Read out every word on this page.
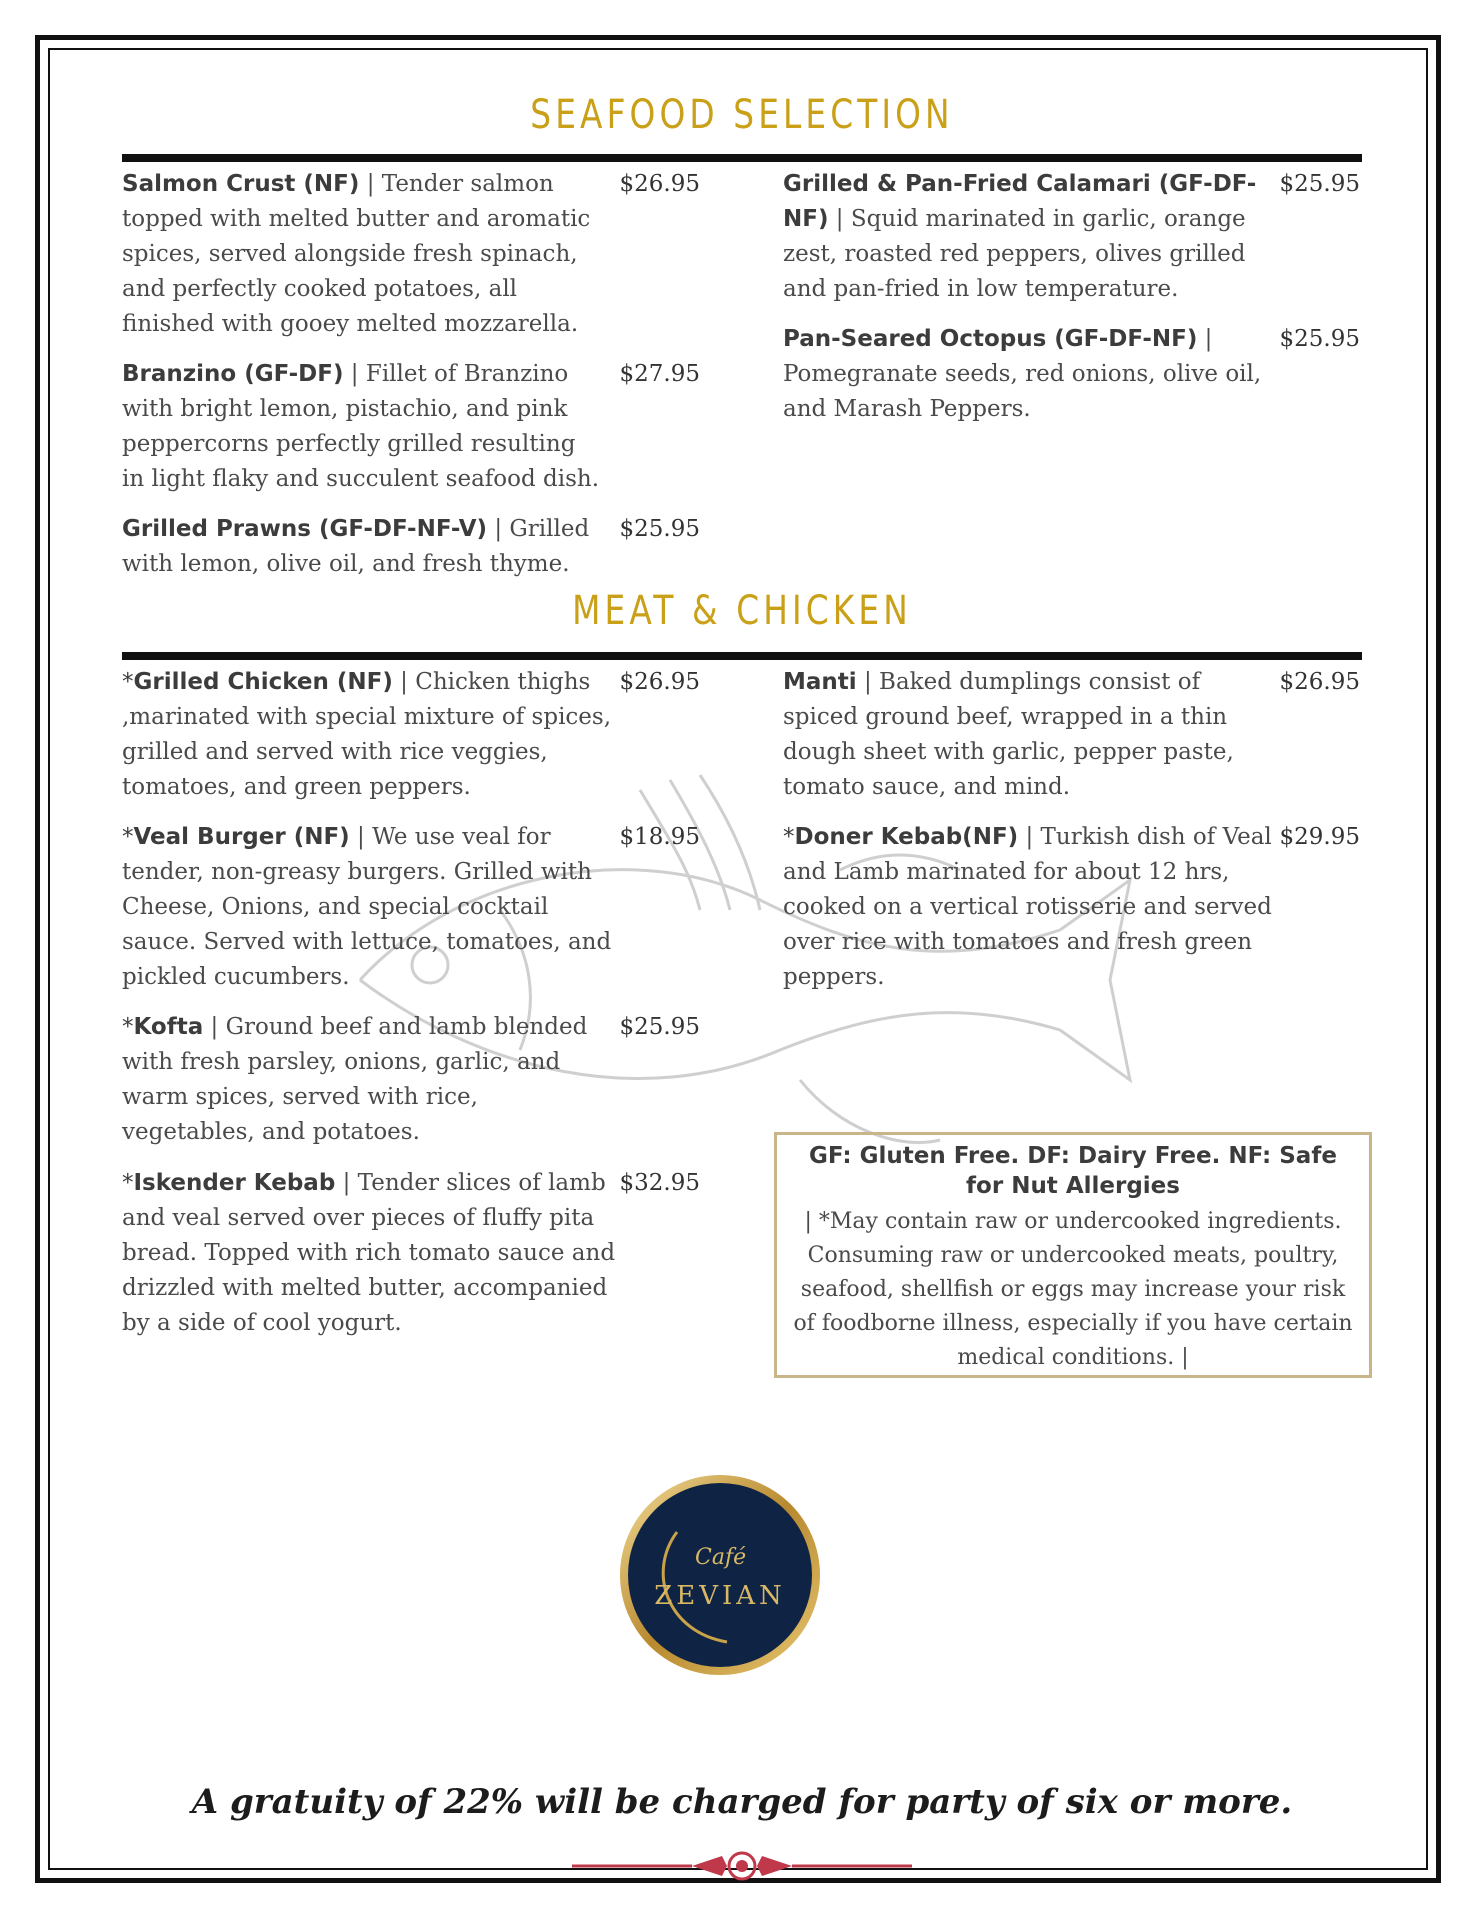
SEAFOOD SELECTION
Salmon Crust (NF) | Tender salmon topped with melted butter and aromatic spices, served alongside fresh spinach, and perfectly cooked potatoes, all finished with gooey melted mozzarella.
$26.95
Branzino (GF-DF) | Fillet of Branzino with bright lemon, pistachio, and pink peppercorns perfectly grilled resulting in light flaky and succulent seafood dish.
$27.95
Grilled Prawns (GF-DF-NF-V) | Grilled with lemon, olive oil, and fresh thyme.
$25.95
Grilled & Pan-Fried Calamari (GF-DF-NF) | Squid marinated in garlic, orange zest, roasted red peppers, olives grilled and pan-fried in low temperature.
$25.95
Pan-Seared Octopus (GF-DF-NF) | Pomegranate seeds, red onions, olive oil, and Marash Peppers.
$25.95
MEAT & CHICKEN
*Grilled Chicken (NF) | Chicken thighs ,marinated with special mixture of spices, grilled and served with rice veggies, tomatoes, and green peppers.
$26.95
*Veal Burger (NF) | We use veal for tender, non-greasy burgers. Grilled with Cheese, Onions, and special cocktail sauce. Served with lettuce, tomatoes, and pickled cucumbers.
$18.95
*Kofta | Ground beef and lamb blended with fresh parsley, onions, garlic, and warm spices, served with rice, vegetables, and potatoes.
$25.95
*Iskender Kebab | Tender slices of lamb and veal served over pieces of fluffy pita bread. Topped with rich tomato sauce and drizzled with melted butter, accompanied by a side of cool yogurt.
$32.95
Manti | Baked dumplings consist of spiced ground beef, wrapped in a thin dough sheet with garlic, pepper paste, tomato sauce, and mind.
$26.95
*Doner Kebab(NF) | Turkish dish of Veal and Lamb marinated for about 12 hrs, cooked on a vertical rotisserie and served over rice with tomatoes and fresh green peppers.
$29.95
GF: Gluten Free. DF: Dairy Free. NF: Safe for Nut Allergies
| *May contain raw or undercooked ingredients. Consuming raw or undercooked meats, poultry, seafood, shellfish or eggs may increase your risk of foodborne illness, especially if you have certain medical conditions. |
Café
ZEVIAN
A gratuity of 22% will be charged for party of six or more.
